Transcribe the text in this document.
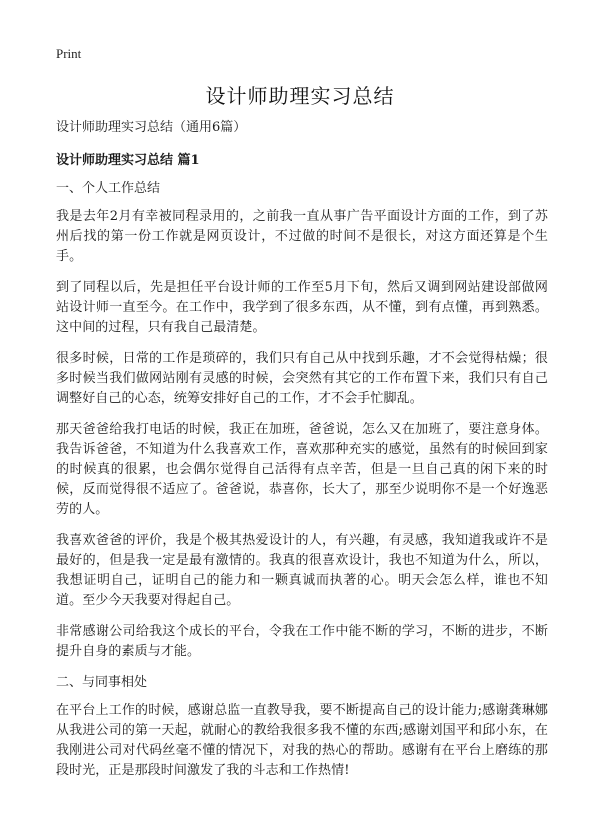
Print
设计师助理实习总结

设计师助理实习总结（通用6篇）

设计师助理实习总结 篇1

一、个人工作总结

我是去年2月有幸被同程录用的，之前我一直从事广告平面设计方面的工作，到了苏州后找的第一份工作就是网页设计，不过做的时间不是很长，对这方面还算是个生手。

到了同程以后，先是担任平台设计师的工作至5月下旬，然后又调到网站建设部做网站设计师一直至今。在工作中，我学到了很多东西，从不懂，到有点懂，再到熟悉。这中间的过程，只有我自己最清楚。

很多时候，日常的工作是琐碎的，我们只有自己从中找到乐趣，才不会觉得枯燥；很多时候当我们做网站刚有灵感的时候，会突然有其它的工作布置下来，我们只有自己调整好自己的心态，统筹安排好自己的工作，才不会手忙脚乱。

那天爸爸给我打电话的时候，我正在加班，爸爸说，怎么又在加班了，要注意身体。我告诉爸爸，不知道为什么我喜欢工作，喜欢那种充实的感觉，虽然有的时候回到家的时候真的很累，也会偶尔觉得自己活得有点辛苦，但是一旦自己真的闲下来的时候，反而觉得很不适应了。爸爸说，恭喜你，长大了，那至少说明你不是一个好逸恶劳的人。

我喜欢爸爸的评价，我是个极其热爱设计的人，有兴趣，有灵感，我知道我或许不是最好的，但是我一定是最有激情的。我真的很喜欢设计，我也不知道为什么，所以，我想证明自己，证明自己的能力和一颗真诚而执著的心。明天会怎么样，谁也不知道。至少今天我要对得起自己。

非常感谢公司给我这个成长的平台，令我在工作中能不断的学习，不断的进步，不断提升自身的素质与才能。

二、与同事相处

在平台上工作的时候，感谢总监一直教导我，要不断提高自己的设计能力;感谢龚琳娜从我进公司的第一天起，就耐心的教给我很多我不懂的东西;感谢刘国平和邱小东，在我刚进公司对代码丝毫不懂的情况下，对我的热心的帮助。感谢有在平台上磨练的那段时光，正是那段时间激发了我的斗志和工作热情!
